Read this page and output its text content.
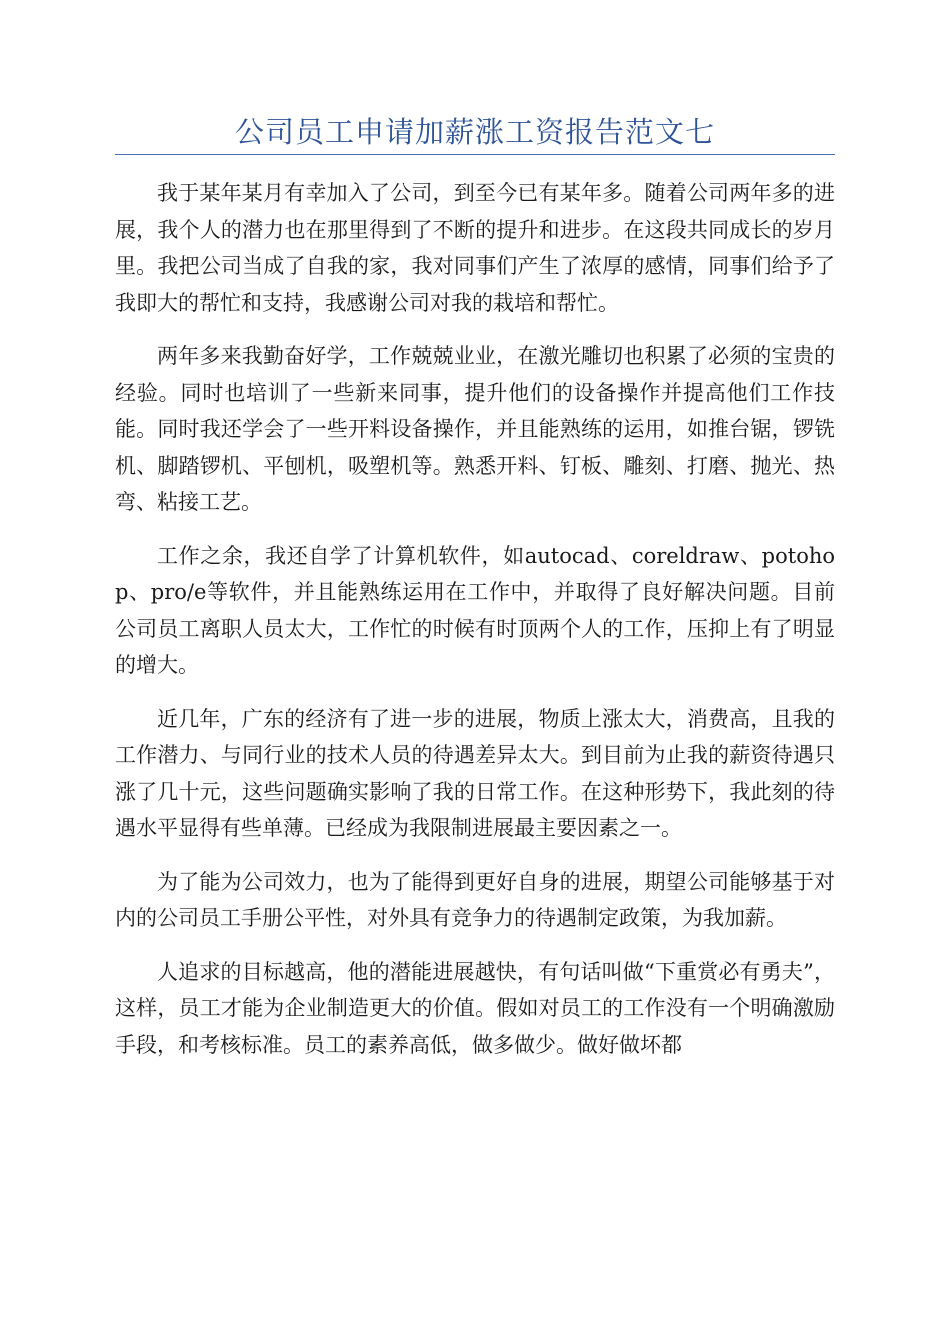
公司员工申请加薪涨工资报告范文七

我于某年某月有幸加入了公司，到至今已有某年多。随着公司两年多的进展，我个人的潜力也在那里得到了不断的提升和进步。在这段共同成长的岁月里。我把公司当成了自我的家，我对同事们产生了浓厚的感情，同事们给予了我即大的帮忙和支持，我感谢公司对我的栽培和帮忙。

两年多来我勤奋好学，工作兢兢业业，在激光雕切也积累了必须的宝贵的经验。同时也培训了一些新来同事，提升他们的设备操作并提高他们工作技能。同时我还学会了一些开料设备操作，并且能熟练的运用，如推台锯，锣铣机、脚踏锣机、平刨机，吸塑机等。熟悉开料、钉板、雕刻、打磨、抛光、热弯、粘接工艺。

工作之余，我还自学了计算机软件，如autocad、coreldraw、potohop、pro/e等软件，并且能熟练运用在工作中，并取得了良好解决问题。目前公司员工离职人员太大，工作忙的时候有时顶两个人的工作，压抑上有了明显的增大。

近几年，广东的经济有了进一步的进展，物质上涨太大，消费高，且我的工作潜力、与同行业的技术人员的待遇差异太大。到目前为止我的薪资待遇只涨了几十元，这些问题确实影响了我的日常工作。在这种形势下，我此刻的待遇水平显得有些单薄。已经成为我限制进展最主要因素之一。

为了能为公司效力，也为了能得到更好自身的进展，期望公司能够基于对内的公司员工手册公平性，对外具有竞争力的待遇制定政策，为我加薪。

人追求的目标越高，他的潜能进展越快，有句话叫做“下重赏必有勇夫”，这样，员工才能为企业制造更大的价值。假如对员工的工作没有一个明确激励手段，和考核标准。员工的素养高低，做多做少。做好做坏都
